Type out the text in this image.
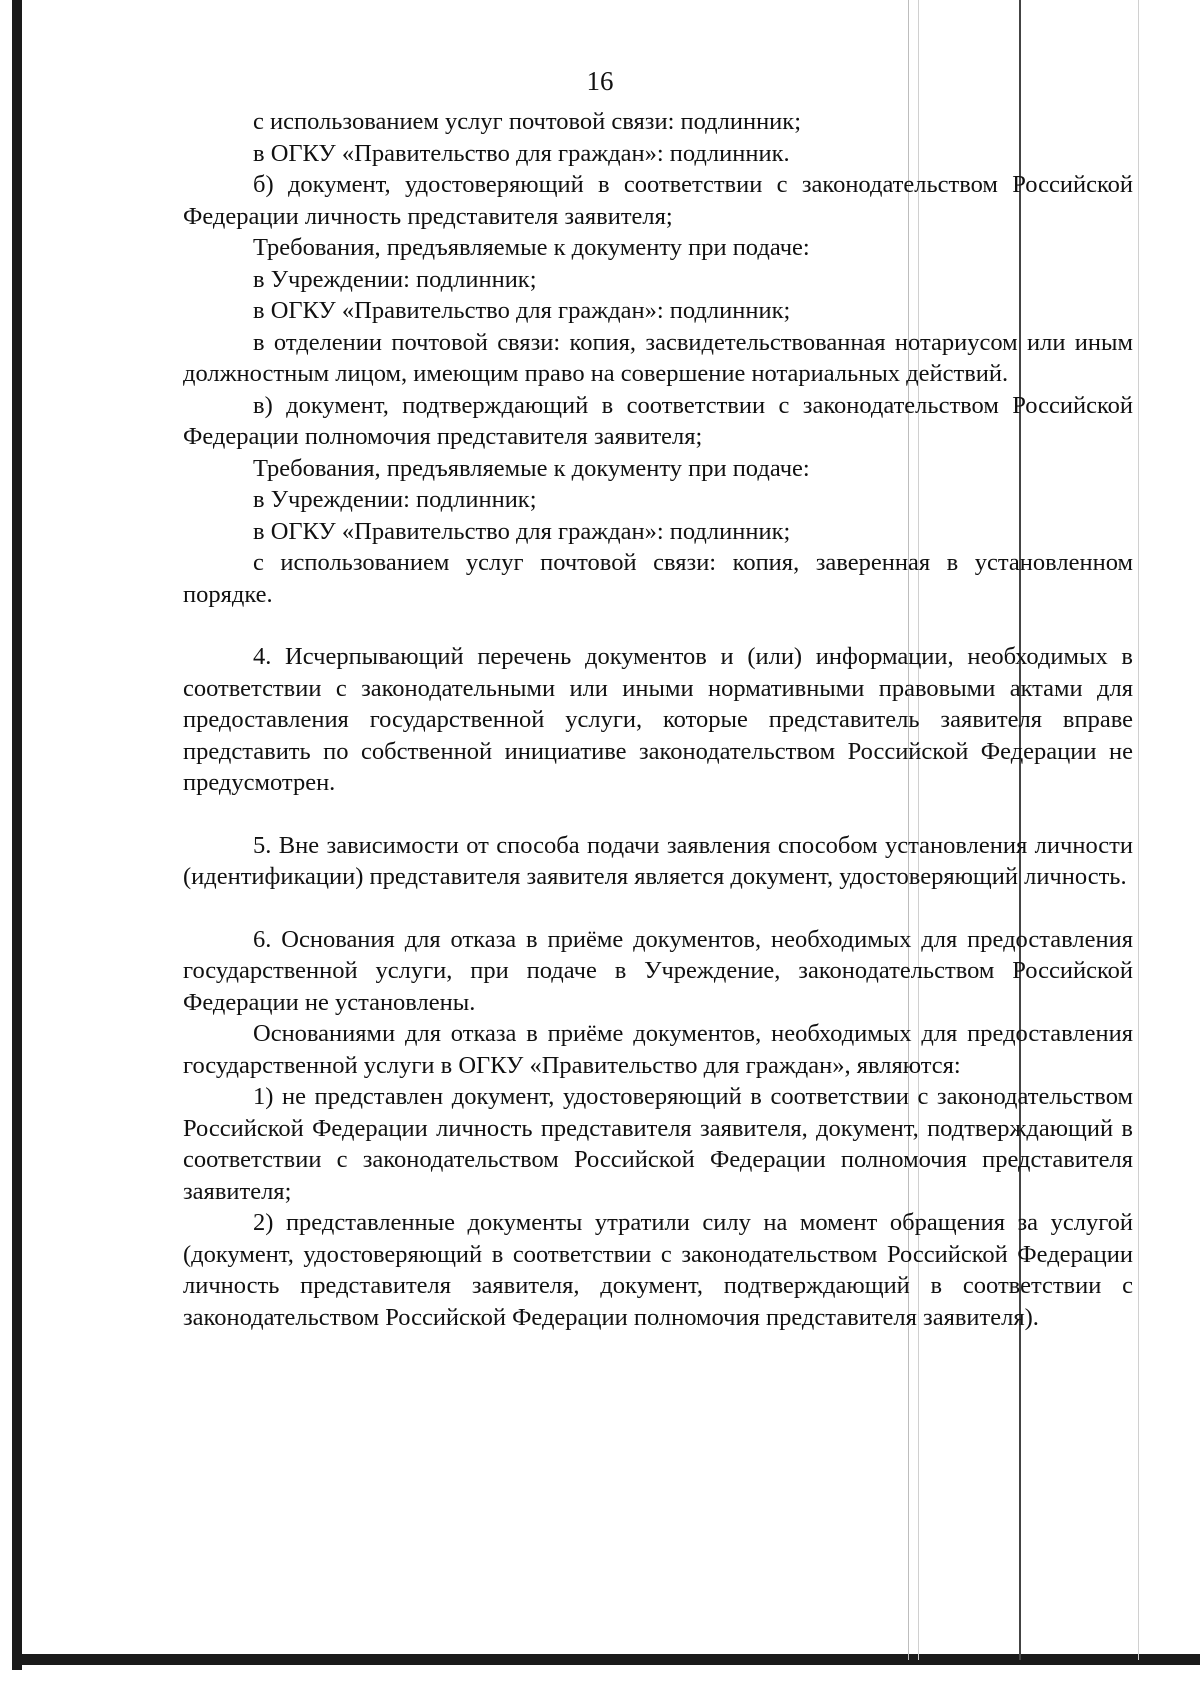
16

с использованием услуг почтовой связи: подлинник;

в ОГКУ «Правительство для граждан»: подлинник.

б) документ, удостоверяющий в соответствии с законодательством Российской Федерации личность представителя заявителя;

Требования, предъявляемые к документу при подаче:

в Учреждении: подлинник;

в ОГКУ «Правительство для граждан»: подлинник;

в отделении почтовой связи: копия, засвидетельствованная нотариусом или иным должностным лицом, имеющим право на совершение нотариальных действий.

в) документ, подтверждающий в соответствии с законодательством Российской Федерации полномочия представителя заявителя;

Требования, предъявляемые к документу при подаче:

в Учреждении: подлинник;

в ОГКУ «Правительство для граждан»: подлинник;

с использованием услуг почтовой связи: копия, заверенная в установленном порядке.

4. Исчерпывающий перечень документов и (или) информации, необходимых в соответствии с законодательными или иными нормативными правовыми актами для предоставления государственной услуги, которые представитель заявителя вправе представить по собственной инициативе законодательством Российской Федерации не предусмотрен.

5. Вне зависимости от способа подачи заявления способом установления личности (идентификации) представителя заявителя является документ, удостоверяющий личность.

6. Основания для отказа в приёме документов, необходимых для предоставления государственной услуги, при подаче в Учреждение, законодательством Российской Федерации не установлены.

Основаниями для отказа в приёме документов, необходимых для предоставления государственной услуги в ОГКУ «Правительство для граждан», являются:

1) не представлен документ, удостоверяющий в соответствии с законодательством Российской Федерации личность представителя заявителя, документ, подтверждающий в соответствии с законодательством Российской Федерации полномочия представителя заявителя;

2) представленные документы утратили силу на момент обращения за услугой (документ, удостоверяющий в соответствии с законодательством Российской Федерации личность представителя заявителя, документ, подтверждающий в соответствии с законодательством Российской Федерации полномочия представителя заявителя).
